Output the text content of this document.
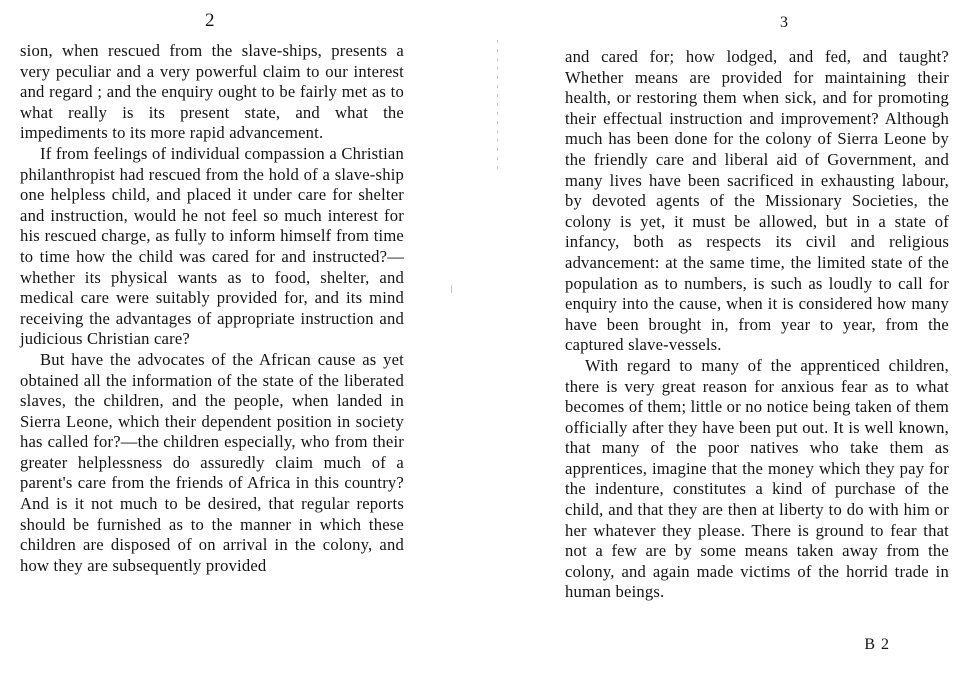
2

sion, when rescued from the slave-ships, presents a very peculiar and a very powerful claim to our interest and regard ; and the enquiry ought to be fairly met as to what really is its present state, and what the impediments to its more rapid advancement.

If from feelings of individual compassion a Christian philanthropist had rescued from the hold of a slave-ship one helpless child, and placed it under care for shelter and instruction, would he not feel so much interest for his rescued charge, as fully to inform himself from time to time how the child was cared for and instructed?— whether its physical wants as to food, shelter, and medical care were suitably provided for, and its mind receiving the advantages of appropriate instruction and judicious Christian care?

But have the advocates of the African cause as yet obtained all the information of the state of the liberated slaves, the children, and the people, when landed in Sierra Leone, which their dependent position in society has called for?—the children especially, who from their greater helplessness do assuredly claim much of a parent's care from the friends of Africa in this country? And is it not much to be desired, that regular reports should be furnished as to the manner in which these children are disposed of on arrival in the colony, and how they are subsequently provided

3

and cared for; how lodged, and fed, and taught? Whether means are provided for maintaining their health, or restoring them when sick, and for promoting their effectual instruction and improvement? Although much has been done for the colony of Sierra Leone by the friendly care and liberal aid of Government, and many lives have been sacrificed in exhausting labour, by devoted agents of the Missionary Societies, the colony is yet, it must be allowed, but in a state of infancy, both as respects its civil and religious advancement: at the same time, the limited state of the population as to numbers, is such as loudly to call for enquiry into the cause, when it is considered how many have been brought in, from year to year, from the captured slave-vessels.

With regard to many of the apprenticed children, there is very great reason for anxious fear as to what becomes of them; little or no notice being taken of them officially after they have been put out. It is well known, that many of the poor natives who take them as apprentices, imagine that the money which they pay for the indenture, constitutes a kind of purchase of the child, and that they are then at liberty to do with him or her whatever they please. There is ground to fear that not a few are by some means taken away from the colony, and again made victims of the horrid trade in human beings.

B 2
